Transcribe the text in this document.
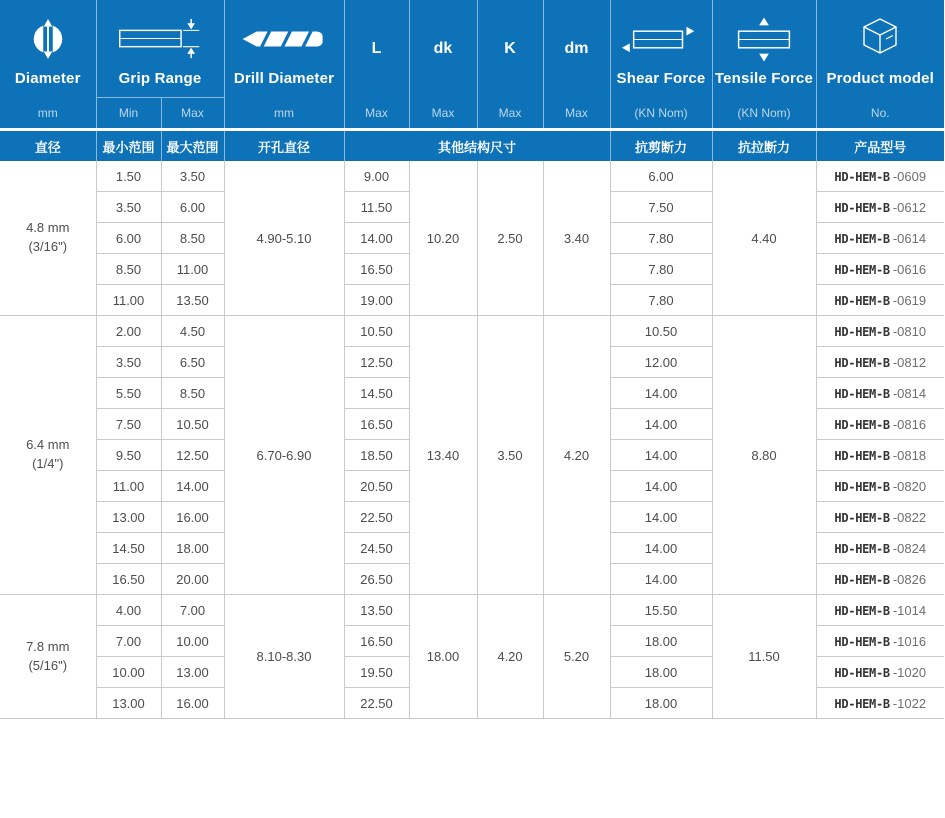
Diameter	Grip Range		Drill Diameter	L	dk	K	dm	Shear Force	Tensile Force	Product model

mm	Min	Max	mm	Max	Max	Max	Max	(KN Nom)	(KN Nom)	No.
直径	最小范围	最大范围	开孔直径	其他结构尺寸				抗剪断力	抗拉断力	产品型号

4.8 mm
(3/16")	1.50	3.50	4.90-5.10	9.00	10.20	2.50	3.40	6.00	4.40	HD-HEM-B -0609
	3.50	6.00		11.50				7.50		HD-HEM-B -0612
	6.00	8.50		14.00				7.80		HD-HEM-B -0614
	8.50	11.00		16.50				7.80		HD-HEM-B -0616
	11.00	13.50		19.00				7.80		HD-HEM-B -0619

6.4 mm
(1/4")	2.00	4.50	6.70-6.90	10.50	13.40	3.50	4.20	10.50	8.80	HD-HEM-B -0810
	3.50	6.50		12.50				12.00		HD-HEM-B -0812
	5.50	8.50		14.50				14.00		HD-HEM-B -0814
	7.50	10.50		16.50				14.00		HD-HEM-B -0816
	9.50	12.50		18.50				14.00		HD-HEM-B -0818
	11.00	14.00		20.50				14.00		HD-HEM-B -0820
	13.00	16.00		22.50				14.00		HD-HEM-B -0822
	14.50	18.00		24.50				14.00		HD-HEM-B -0824
	16.50	20.00		26.50				14.00		HD-HEM-B -0826

7.8 mm
(5/16")	4.00	7.00	8.10-8.30	13.50	18.00	4.20	5.20	15.50	11.50	HD-HEM-B -1014
	7.00	10.00		16.50				18.00		HD-HEM-B -1016
	10.00	13.00		19.50				18.00		HD-HEM-B -1020
	13.00	16.00		22.50				18.00		HD-HEM-B -1022
